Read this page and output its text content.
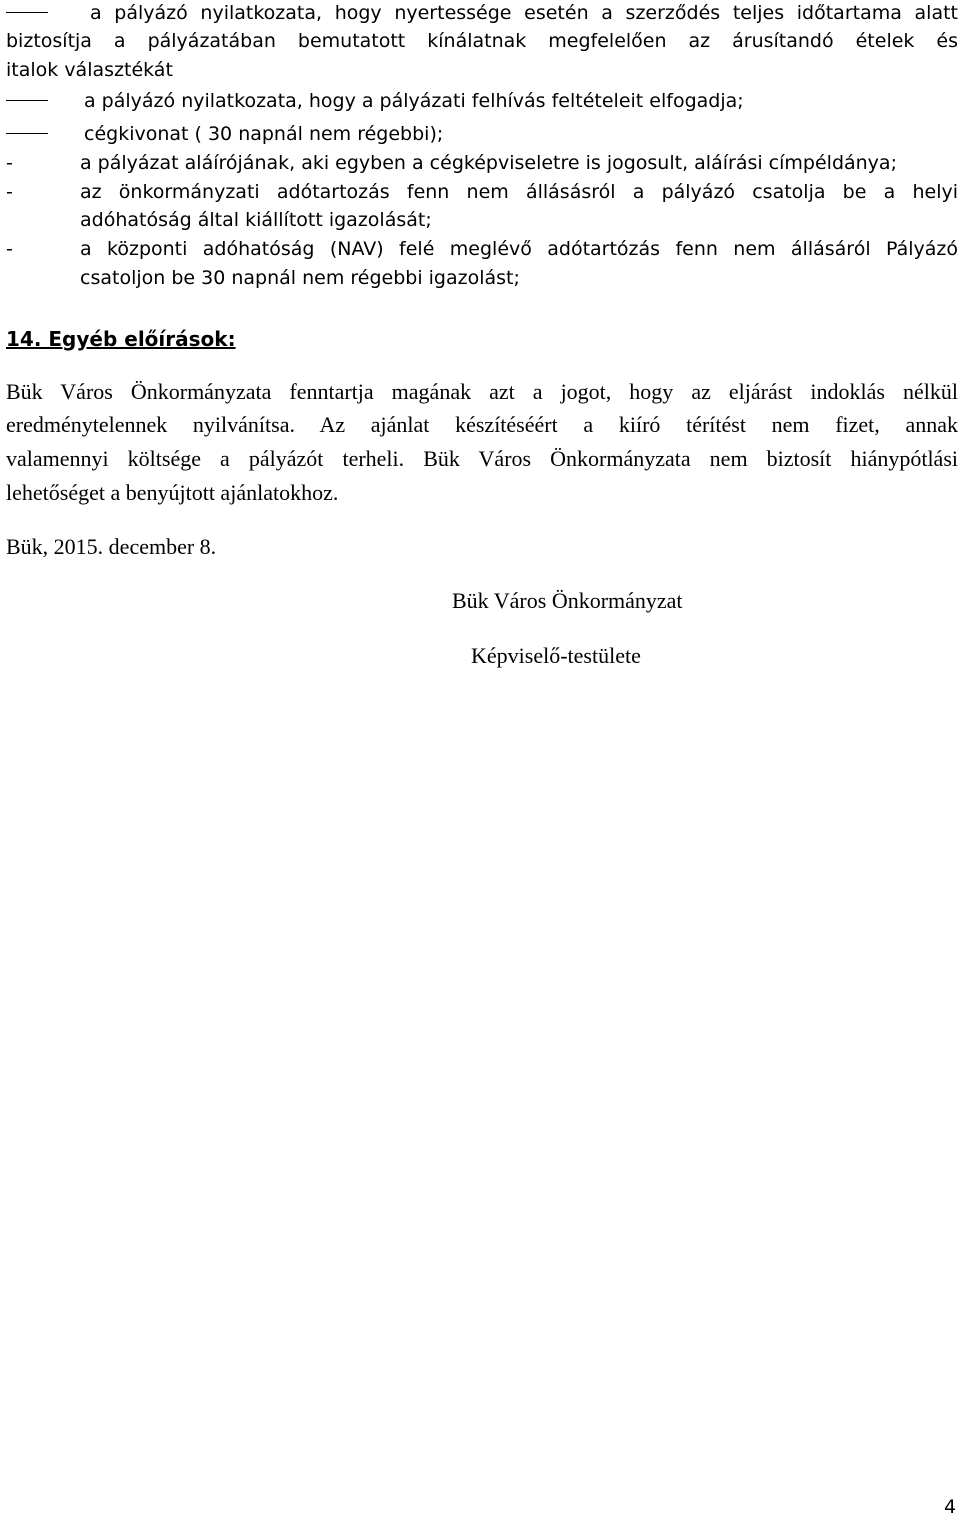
a pályázó nyilatkozata, hogy nyertessége esetén a szerződés teljes időtartama alatt
biztosítja a pályázatában bemutatott kínálatnak megfelelően az árusítandó ételek és
italok választékát
a pályázó nyilatkozata, hogy a pályázati felhívás feltételeit elfogadja;
cégkivonat ( 30 napnál nem régebbi);
-	a pályázat aláírójának, aki egyben a cégképviseletre is jogosult, aláírási címpéldánya;
-	az önkormányzati adótartozás fenn nem állásásról a pályázó csatolja be a helyi
adóhatóság által kiállított igazolását;
-	a központi adóhatóság (NAV) felé meglévő adótartózás fenn nem állásáról Pályázó
csatoljon be 30 napnál nem régebbi igazolást;
14. Egyéb előírások:
Bük Város Önkormányzata fenntartja magának azt a jogot, hogy az eljárást indoklás nélkül
eredménytelennek nyilvánítsa. Az ajánlat készítéséért a kiíró térítést nem fizet, annak
valamennyi költsége a pályázót terheli. Bük Város Önkormányzata nem biztosít hiánypótlási
lehetőséget a benyújtott ajánlatokhoz.
Bük, 2015. december 8.
Bük Város Önkormányzat
Képviselő-testülete
4
